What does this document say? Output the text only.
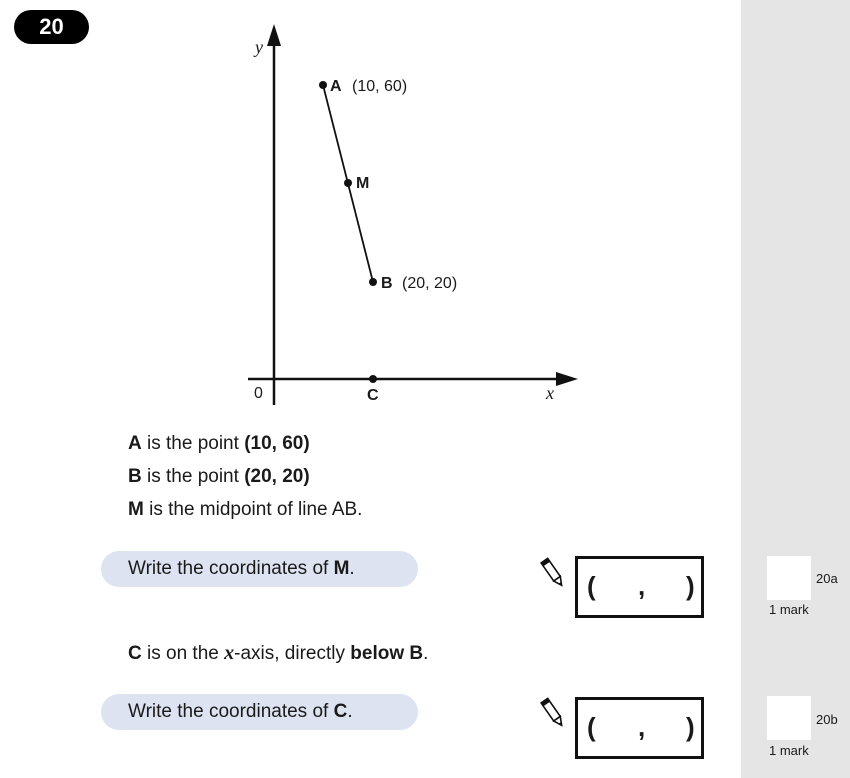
20
y
x
0
A (10, 60)
M
B (20, 20)
C
A is the point (10, 60)
B is the point (20, 20)
M is the midpoint of line AB.
Write the coordinates of M.
( , )	20a
1 mark
C is on the x-axis, directly below B.
Write the coordinates of C.
( , )	20b
1 mark
